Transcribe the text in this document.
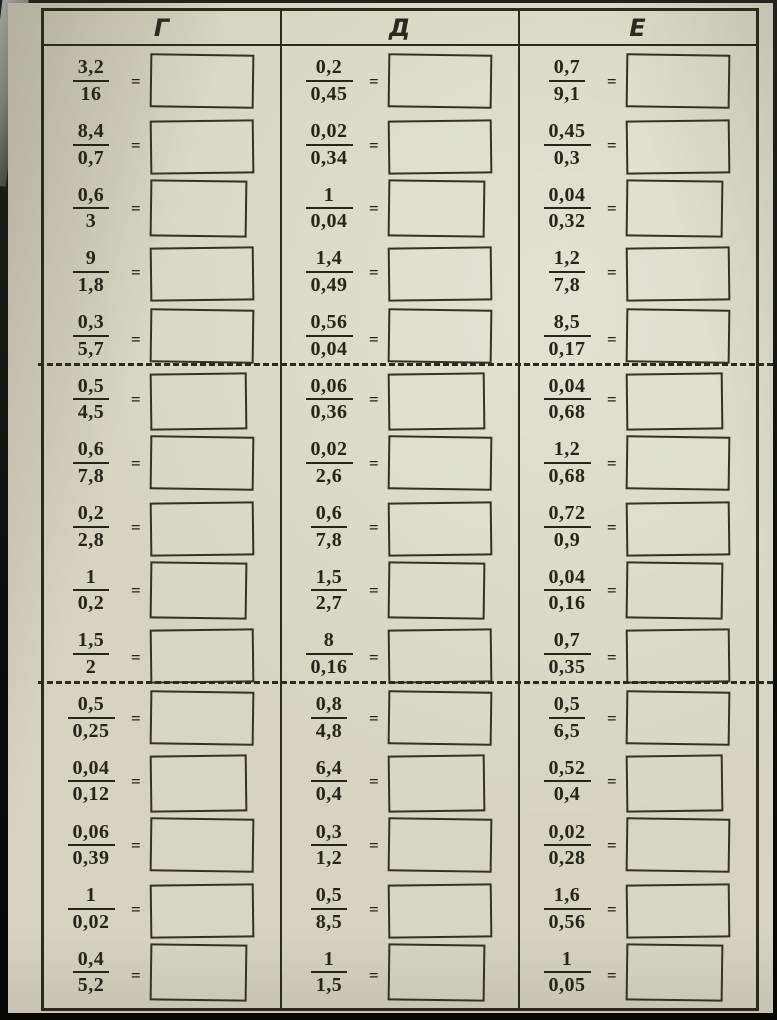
Г
$\frac{3,2}{16}$ =
$\frac{8,4}{0,7}$ =
$\frac{0,6}{3}$ =
$\frac{9}{1,8}$ =
$\frac{0,3}{5,7}$ =
$\frac{0,5}{4,5}$ =
$\frac{0,6}{7,8}$ =
$\frac{0,2}{2,8}$ =
$\frac{1}{0,2}$ =
$\frac{1,5}{2}$ =
$\frac{0,5}{0,25}$ =
$\frac{0,04}{0,12}$ =
$\frac{0,06}{0,39}$ =
$\frac{1}{0,02}$ =
$\frac{0,4}{5,2}$ =
Д
$\frac{0,2}{0,45}$ =
$\frac{0,02}{0,34}$ =
$\frac{1}{0,04}$ =
$\frac{1,4}{0,49}$ =
$\frac{0,56}{0,04}$ =
$\frac{0,06}{0,36}$ =
$\frac{0,02}{2,6}$ =
$\frac{0,6}{7,8}$ =
$\frac{1,5}{2,7}$ =
$\frac{8}{0,16}$ =
$\frac{0,8}{4,8}$ =
$\frac{6,4}{0,4}$ =
$\frac{0,3}{1,2}$ =
$\frac{0,5}{8,5}$ =
$\frac{1}{1,5}$ =
Е
$\frac{0,7}{9,1}$ =
$\frac{0,45}{0,3}$ =
$\frac{0,04}{0,32}$ =
$\frac{1,2}{7,8}$ =
$\frac{8,5}{0,17}$ =
$\frac{0,04}{0,68}$ =
$\frac{1,2}{0,68}$ =
$\frac{0,72}{0,9}$ =
$\frac{0,04}{0,16}$ =
$\frac{0,7}{0,35}$ =
$\frac{0,5}{6,5}$ =
$\frac{0,52}{0,4}$ =
$\frac{0,02}{0,28}$ =
$\frac{1,6}{0,56}$ =
$\frac{1}{0,05}$ =
